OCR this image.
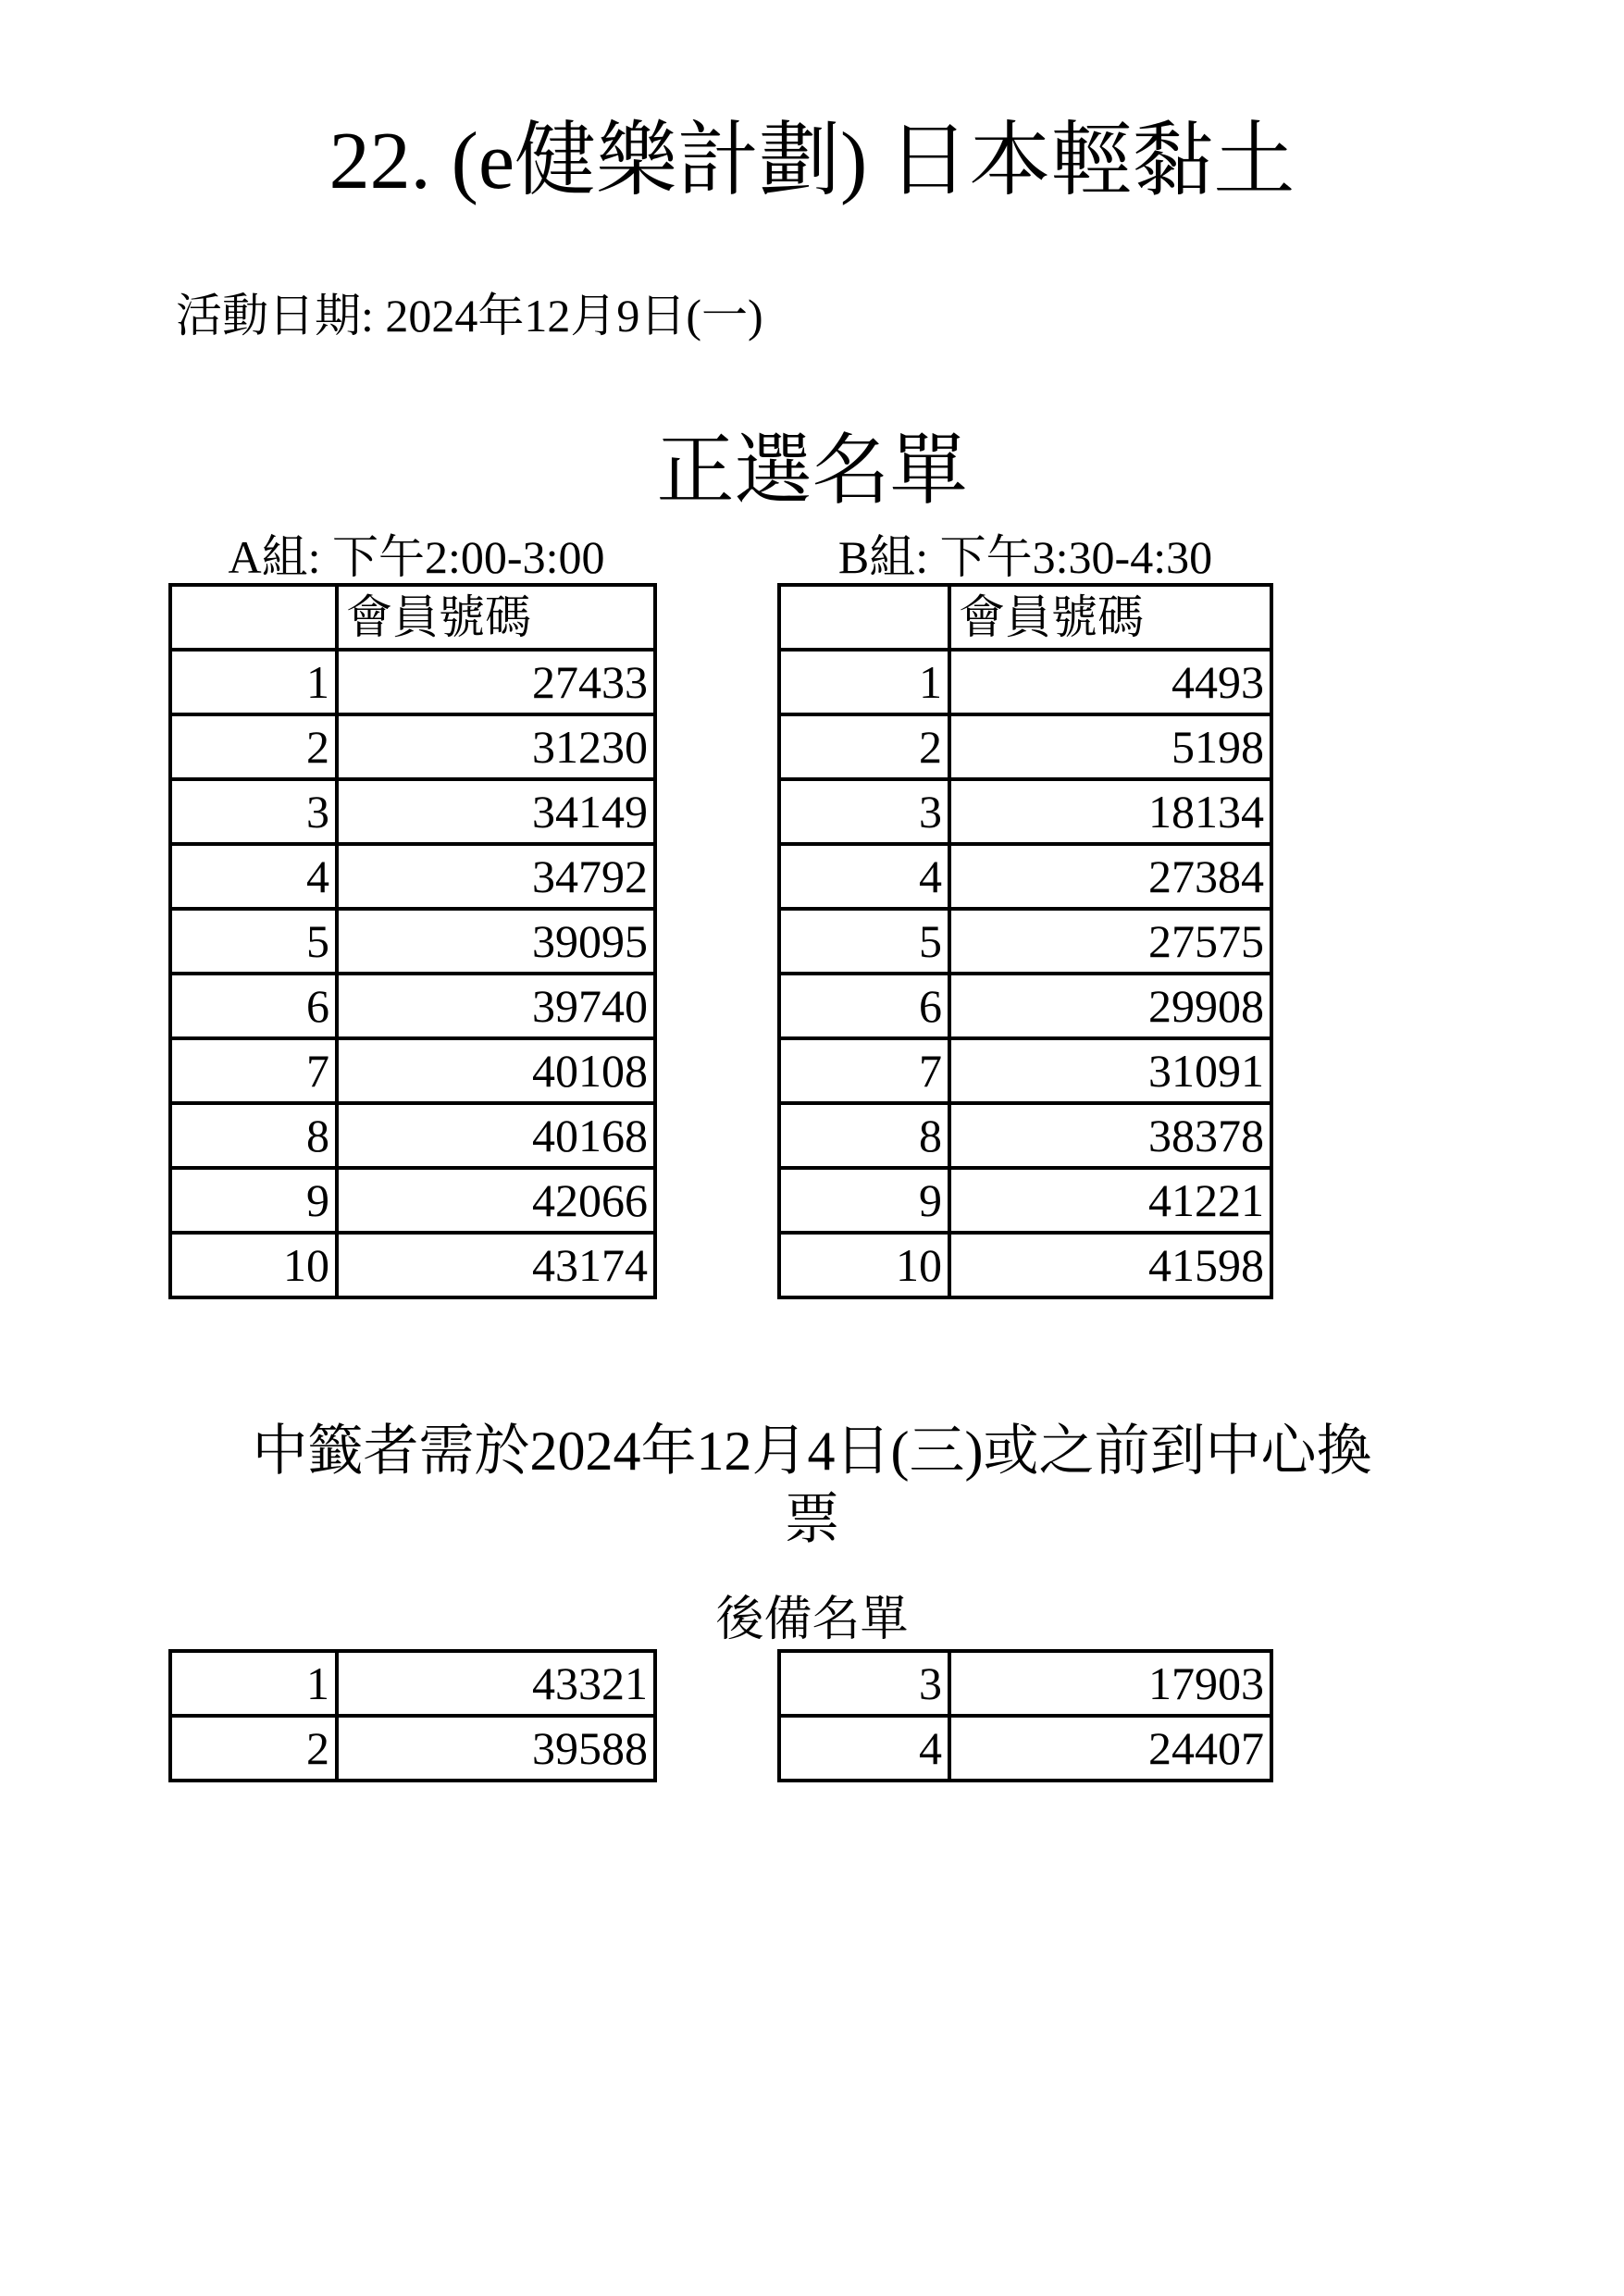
22. (e健樂計劃) 日本輕黏土
活動日期: 2024年12月9日(一)
正選名單
A組: 下午2:00-3:00	B組: 下午3:30-4:30
	會員號碼
1	27433
2	31230
3	34149
4	34792
5	39095
6	39740
7	40108
8	40168
9	42066
10	43174
	會員號碼
1	4493
2	5198
3	18134
4	27384
5	27575
6	29908
7	31091
8	38378
9	41221
10	41598
中籤者需於2024年12月4日(三)或之前到中心換
票
後備名單
1	43321
2	39588
3	17903
4	24407
